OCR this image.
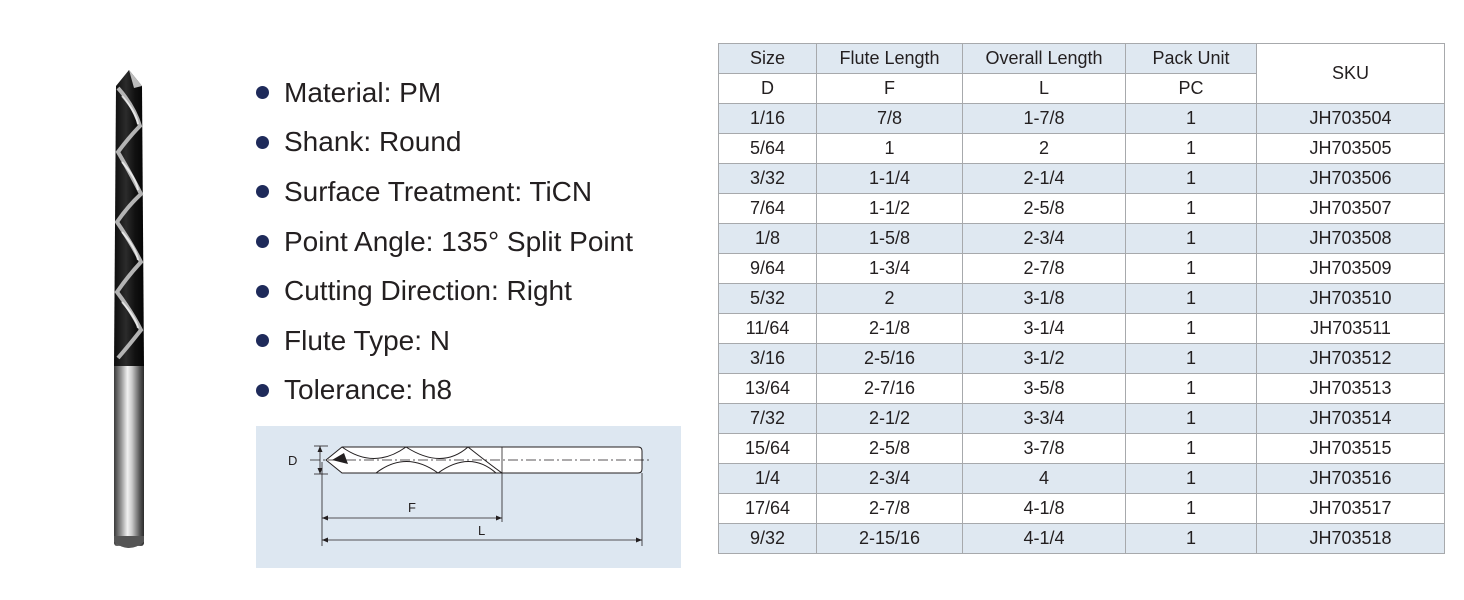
Material: PM
Shank: Round
Surface Treatment: TiCN
Point Angle: 135° Split Point
Cutting Direction: Right
Flute Type: N
Tolerance: h8
D
F
L
Size	Flute Length	Overall Length	Pack Unit	SKU
D	F	L	PC	
1/16	7/8	1-7/8	1	JH703504
5/64	1	2	1	JH703505
3/32	1-1/4	2-1/4	1	JH703506
7/64	1-1/2	2-5/8	1	JH703507
1/8	1-5/8	2-3/4	1	JH703508
9/64	1-3/4	2-7/8	1	JH703509
5/32	2	3-1/8	1	JH703510
11/64	2-1/8	3-1/4	1	JH703511
3/16	2-5/16	3-1/2	1	JH703512
13/64	2-7/16	3-5/8	1	JH703513
7/32	2-1/2	3-3/4	1	JH703514
15/64	2-5/8	3-7/8	1	JH703515
1/4	2-3/4	4	1	JH703516
17/64	2-7/8	4-1/8	1	JH703517
9/32	2-15/16	4-1/4	1	JH703518
